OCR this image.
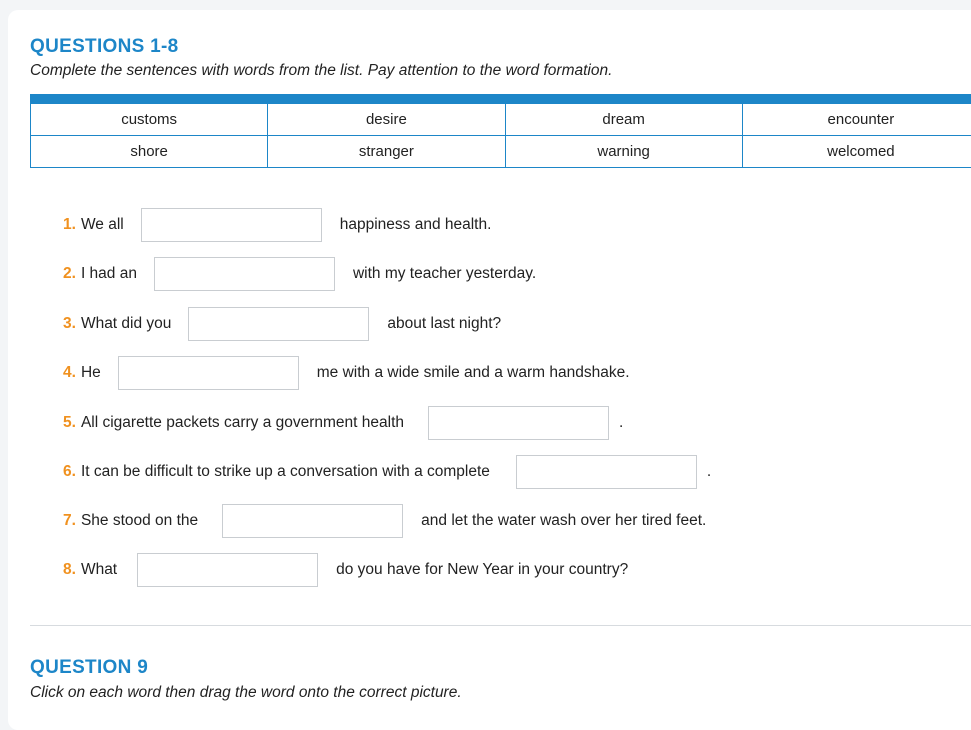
QUESTIONS 1-8
Complete the sentences with words from the list. Pay attention to the word formation.
customs	desire	dream	encounter
shore	stranger	warning	welcomed
1. We all	happiness and health.
2. I had an	with my teacher yesterday.
3. What did you	about last night?
4. He	me with a wide smile and a warm handshake.
5. All cigarette packets carry a government health	.
6. It can be difficult to strike up a conversation with a complete	.
7. She stood on the	and let the water wash over her tired feet.
8. What	do you have for New Year in your country?
QUESTION 9
Click on each word then drag the word onto the correct picture.
